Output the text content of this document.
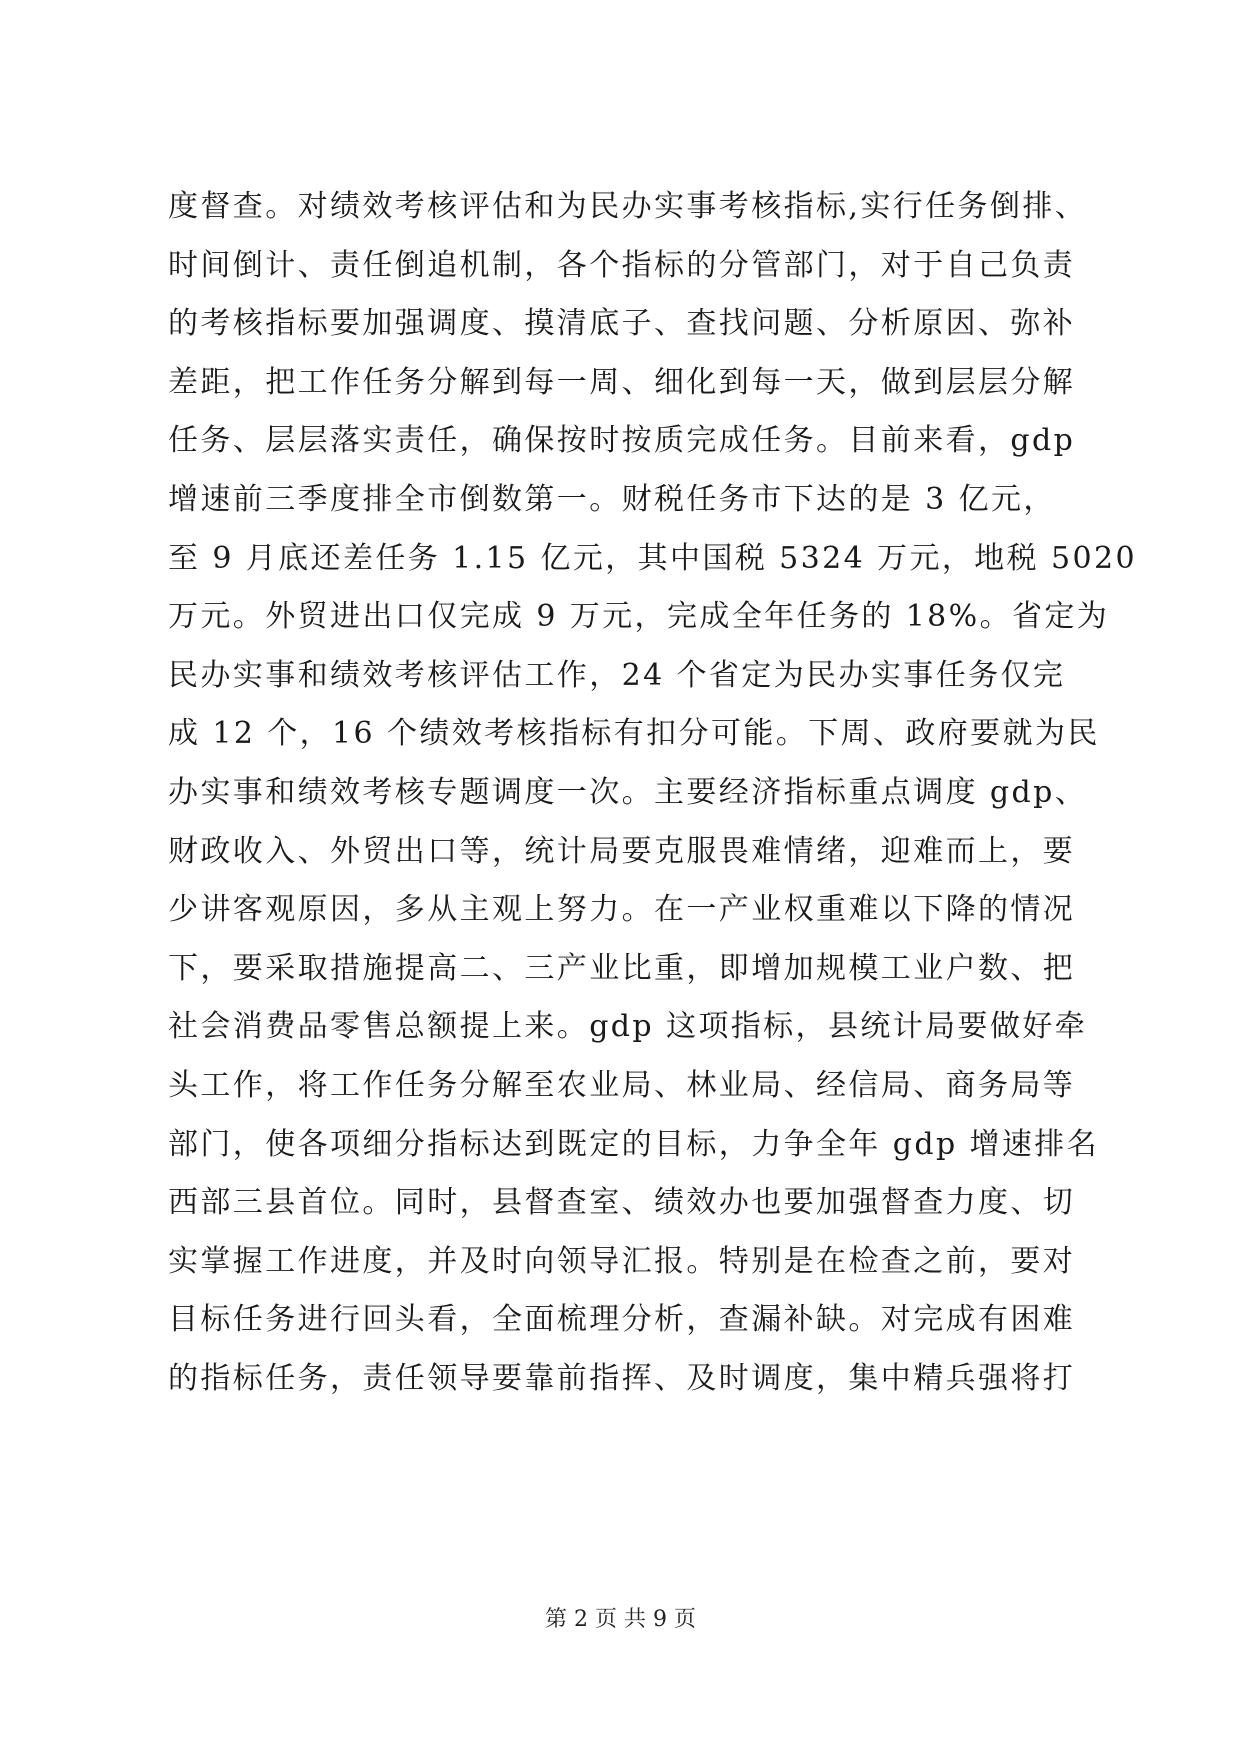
度督查。对绩效考核评估和为民办实事考核指标,实行任务倒排、
时间倒计、责任倒追机制，各个指标的分管部门，对于自己负责
的考核指标要加强调度、摸清底子、查找问题、分析原因、弥补
差距，把工作任务分解到每一周、细化到每一天，做到层层分解
任务、层层落实责任，确保按时按质完成任务。目前来看，gdp
增速前三季度排全市倒数第一。财税任务市下达的是 3 亿元，
至 9 月底还差任务 1.15 亿元，其中国税 5324 万元，地税 5020
万元。外贸进出口仅完成 9 万元，完成全年任务的 18%。省定为
民办实事和绩效考核评估工作，24 个省定为民办实事任务仅完
成 12 个，16 个绩效考核指标有扣分可能。下周、政府要就为民
办实事和绩效考核专题调度一次。主要经济指标重点调度 gdp、
财政收入、外贸出口等，统计局要克服畏难情绪，迎难而上，要
少讲客观原因，多从主观上努力。在一产业权重难以下降的情况
下，要采取措施提高二、三产业比重，即增加规模工业户数、把
社会消费品零售总额提上来。gdp 这项指标，县统计局要做好牵
头工作，将工作任务分解至农业局、林业局、经信局、商务局等
部门，使各项细分指标达到既定的目标，力争全年 gdp 增速排名
西部三县首位。同时，县督查室、绩效办也要加强督查力度、切
实掌握工作进度，并及时向领导汇报。特别是在检查之前，要对
目标任务进行回头看，全面梳理分析，查漏补缺。对完成有困难
的指标任务，责任领导要靠前指挥、及时调度，集中精兵强将打
第 2 页 共 9 页
